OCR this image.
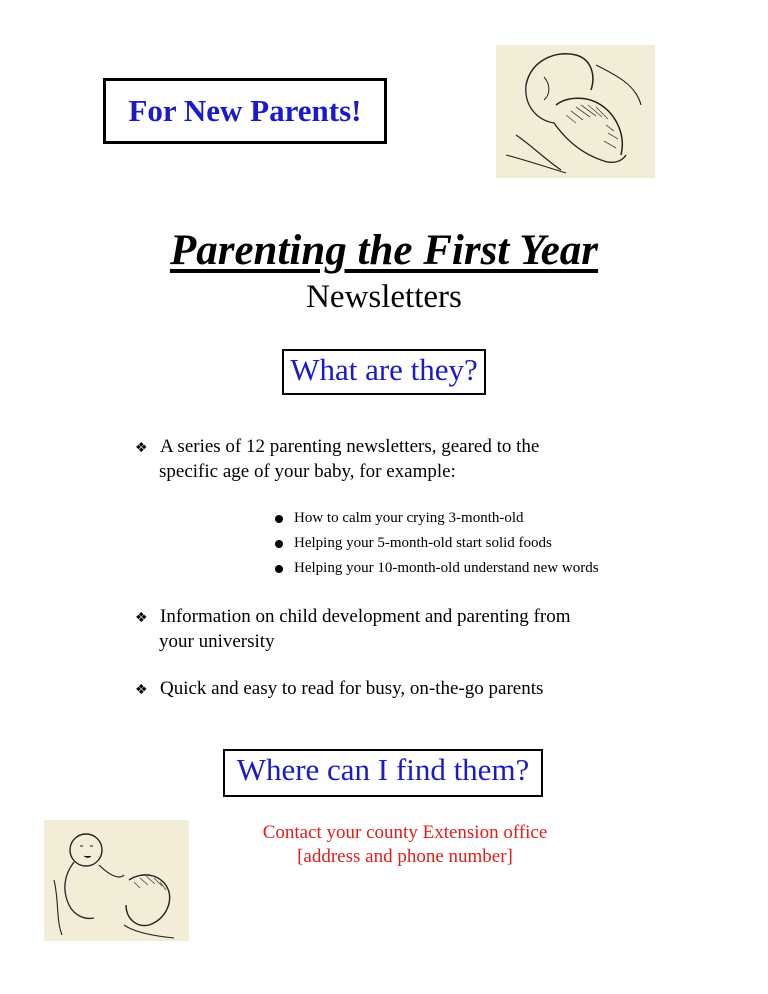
For New Parents!
Parenting the First Year
Newsletters
What are they?
❖ A series of 12 parenting newsletters, geared to the
specific age of your baby, for example:
How to calm your crying 3-month-old
Helping your 5-month-old start solid foods
Helping your 10-month-old understand new words
❖ Information on child development and parenting from
your university
❖ Quick and easy to read for busy, on-the-go parents
Where can I find them?
Contact your county Extension office
[address and phone number]
